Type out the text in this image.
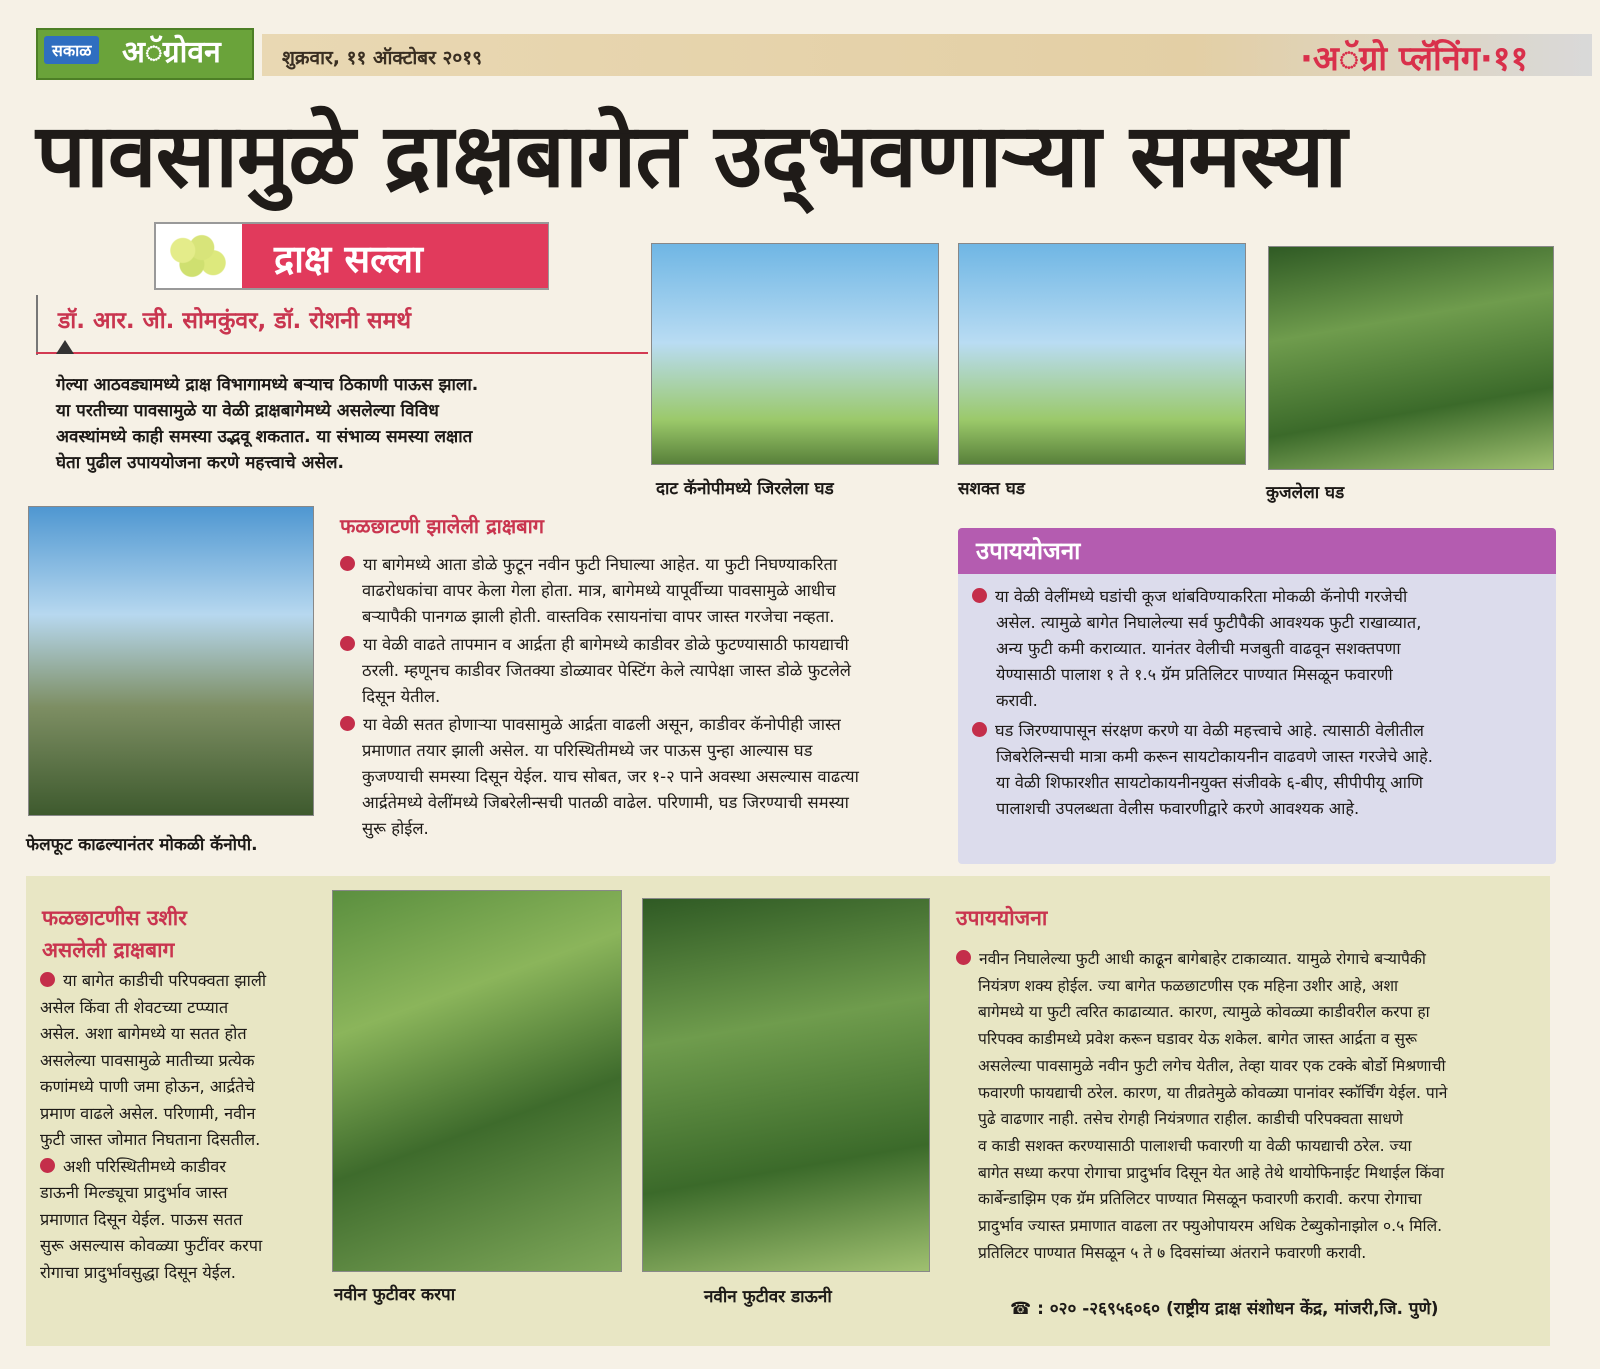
सकाळ अॅग्रोवन	शुक्रवार, ११ ऑक्टोबर २०१९	·अॅग्रो प्लॅनिंग·११
पावसामुळे द्राक्षबागेत उद्‌भवणाऱ्या समस्या
द्राक्ष सल्ला
डॉ. आर. जी. सोमकुंवर, डॉ. रोशनी समर्थ
गेल्या आठवड्यामध्ये द्राक्ष विभागामध्ये बऱ्याच ठिकाणी पाऊस झाला.
या परतीच्या पावसामुळे या वेळी द्राक्षबागेमध्ये असलेल्या विविध
अवस्थांमध्ये काही समस्या उद्भवू शकतात. या संभाव्य समस्या लक्षात
घेता पुढील उपाययोजना करणे महत्त्वाचे असेल.
दाट कॅनोपीमध्ये जिरलेला घड	सशक्त घड	कुजलेला घड
फेलफूट काढल्यानंतर मोकळी कॅनोपी.
फळछाटणी झालेली द्राक्षबाग
या बागेमध्ये आता डोळे फुटून नवीन फुटी निघाल्या आहेत. या फुटी निघण्याकरिता
वाढरोधकांचा वापर केला गेला होता. मात्र, बागेमध्ये यापूर्वीच्या पावसामुळे आधीच
बऱ्यापैकी पानगळ झाली होती. वास्तविक रसायनांचा वापर जास्त गरजेचा नव्हता.
या वेळी वाढते तापमान व आर्द्रता ही बागेमध्ये काडीवर डोळे फुटण्यासाठी फायद्याची
ठरली. म्हणूनच काडीवर जितक्या डोळ्यावर पेस्टिंग केले त्यापेक्षा जास्त डोळे फुटलेले
दिसून येतील.
या वेळी सतत होणाऱ्या पावसामुळे आर्द्रता वाढली असून, काडीवर कॅनोपीही जास्त
प्रमाणात तयार झाली असेल. या परिस्थितीमध्ये जर पाऊस पुन्हा आल्यास घड
कुजण्याची समस्या दिसून येईल. याच सोबत, जर १-२ पाने अवस्था असल्यास वाढत्या
आर्द्रतेमध्ये वेलींमध्ये जिबरेलीन्सची पातळी वाढेल. परिणामी, घड जिरण्याची समस्या
सुरू होईल.
उपाययोजना
या वेळी वेलींमध्ये घडांची कूज थांबविण्याकरिता मोकळी कॅनोपी गरजेची
असेल. त्यामुळे बागेत निघालेल्या सर्व फुटीपैकी आवश्यक फुटी राखाव्यात,
अन्य फुटी कमी कराव्यात. यानंतर वेलीची मजबुती वाढवून सशक्तपणा
येण्यासाठी पालाश १ ते १.५ ग्रॅम प्रतिलिटर पाण्यात मिसळून फवारणी
करावी.
घड जिरण्यापासून संरक्षण करणे या वेळी महत्त्वाचे आहे. त्यासाठी वेलीतील
जिबरेलिन्सची मात्रा कमी करून सायटोकायनीन वाढवणे जास्त गरजेचे आहे.
या वेळी शिफारशीत सायटोकायनीनयुक्त संजीवके ६-बीए, सीपीपीयू आणि
पालाशची उपलब्धता वेलीस फवारणीद्वारे करणे आवश्यक आहे.
फळछाटणीस उशीर
असलेली द्राक्षबाग
या बागेत काडीची परिपक्वता झाली
असेल किंवा ती शेवटच्या टप्प्यात
असेल. अशा बागेमध्ये या सतत होत
असलेल्या पावसामुळे मातीच्या प्रत्येक
कणांमध्ये पाणी जमा होऊन, आर्द्रतेचे
प्रमाण वाढले असेल. परिणामी, नवीन
फुटी जास्त जोमात निघताना दिसतील.
अशी परिस्थितीमध्ये काडीवर
डाऊनी मिल्ड्यूचा प्रादुर्भाव जास्त
प्रमाणात दिसून येईल. पाऊस सतत
सुरू असल्यास कोवळ्या फुटींवर करपा
रोगाचा प्रादुर्भावसुद्धा दिसून येईल.
नवीन फुटीवर करपा	नवीन फुटीवर डाऊनी
उपाययोजना
नवीन निघालेल्या फुटी आधी काढून बागेबाहेर टाकाव्यात. यामुळे रोगाचे बऱ्यापैकी
नियंत्रण शक्य होईल. ज्या बागेत फळछाटणीस एक महिना उशीर आहे, अशा
बागेमध्ये या फुटी त्वरित काढाव्यात. कारण, त्यामुळे कोवळ्या काडीवरील करपा हा
परिपक्व काडीमध्ये प्रवेश करून घडावर येऊ शकेल. बागेत जास्त आर्द्रता व सुरू
असलेल्या पावसामुळे नवीन फुटी लगेच येतील, तेव्हा यावर एक टक्के बोर्डो मिश्रणाची
फवारणी फायद्याची ठरेल. कारण, या तीव्रतेमुळे कोवळ्या पानांवर स्कॉर्चिंग येईल. पाने
पुढे वाढणार नाही. तसेच रोगही नियंत्रणात राहील. काडीची परिपक्वता साधणे
व काडी सशक्त करण्यासाठी पालाशची फवारणी या वेळी फायद्याची ठरेल. ज्या
बागेत सध्या करपा रोगाचा प्रादुर्भाव दिसून येत आहे तेथे थायोफिनाईट मिथाईल किंवा
कार्बेन्डाझिम एक ग्रॅम प्रतिलिटर पाण्यात मिसळून फवारणी करावी. करपा रोगाचा
प्रादुर्भाव ज्यास्त प्रमाणात वाढला तर फ्युओपायरम अधिक टेब्युकोनाझोल ०.५ मिलि.
प्रतिलिटर पाण्यात मिसळून ५ ते ७ दिवसांच्या अंतराने फवारणी करावी.
☎ : ०२० -२६९५६०६० (राष्ट्रीय द्राक्ष संशोधन केंद्र, मांजरी,जि. पुणे)
